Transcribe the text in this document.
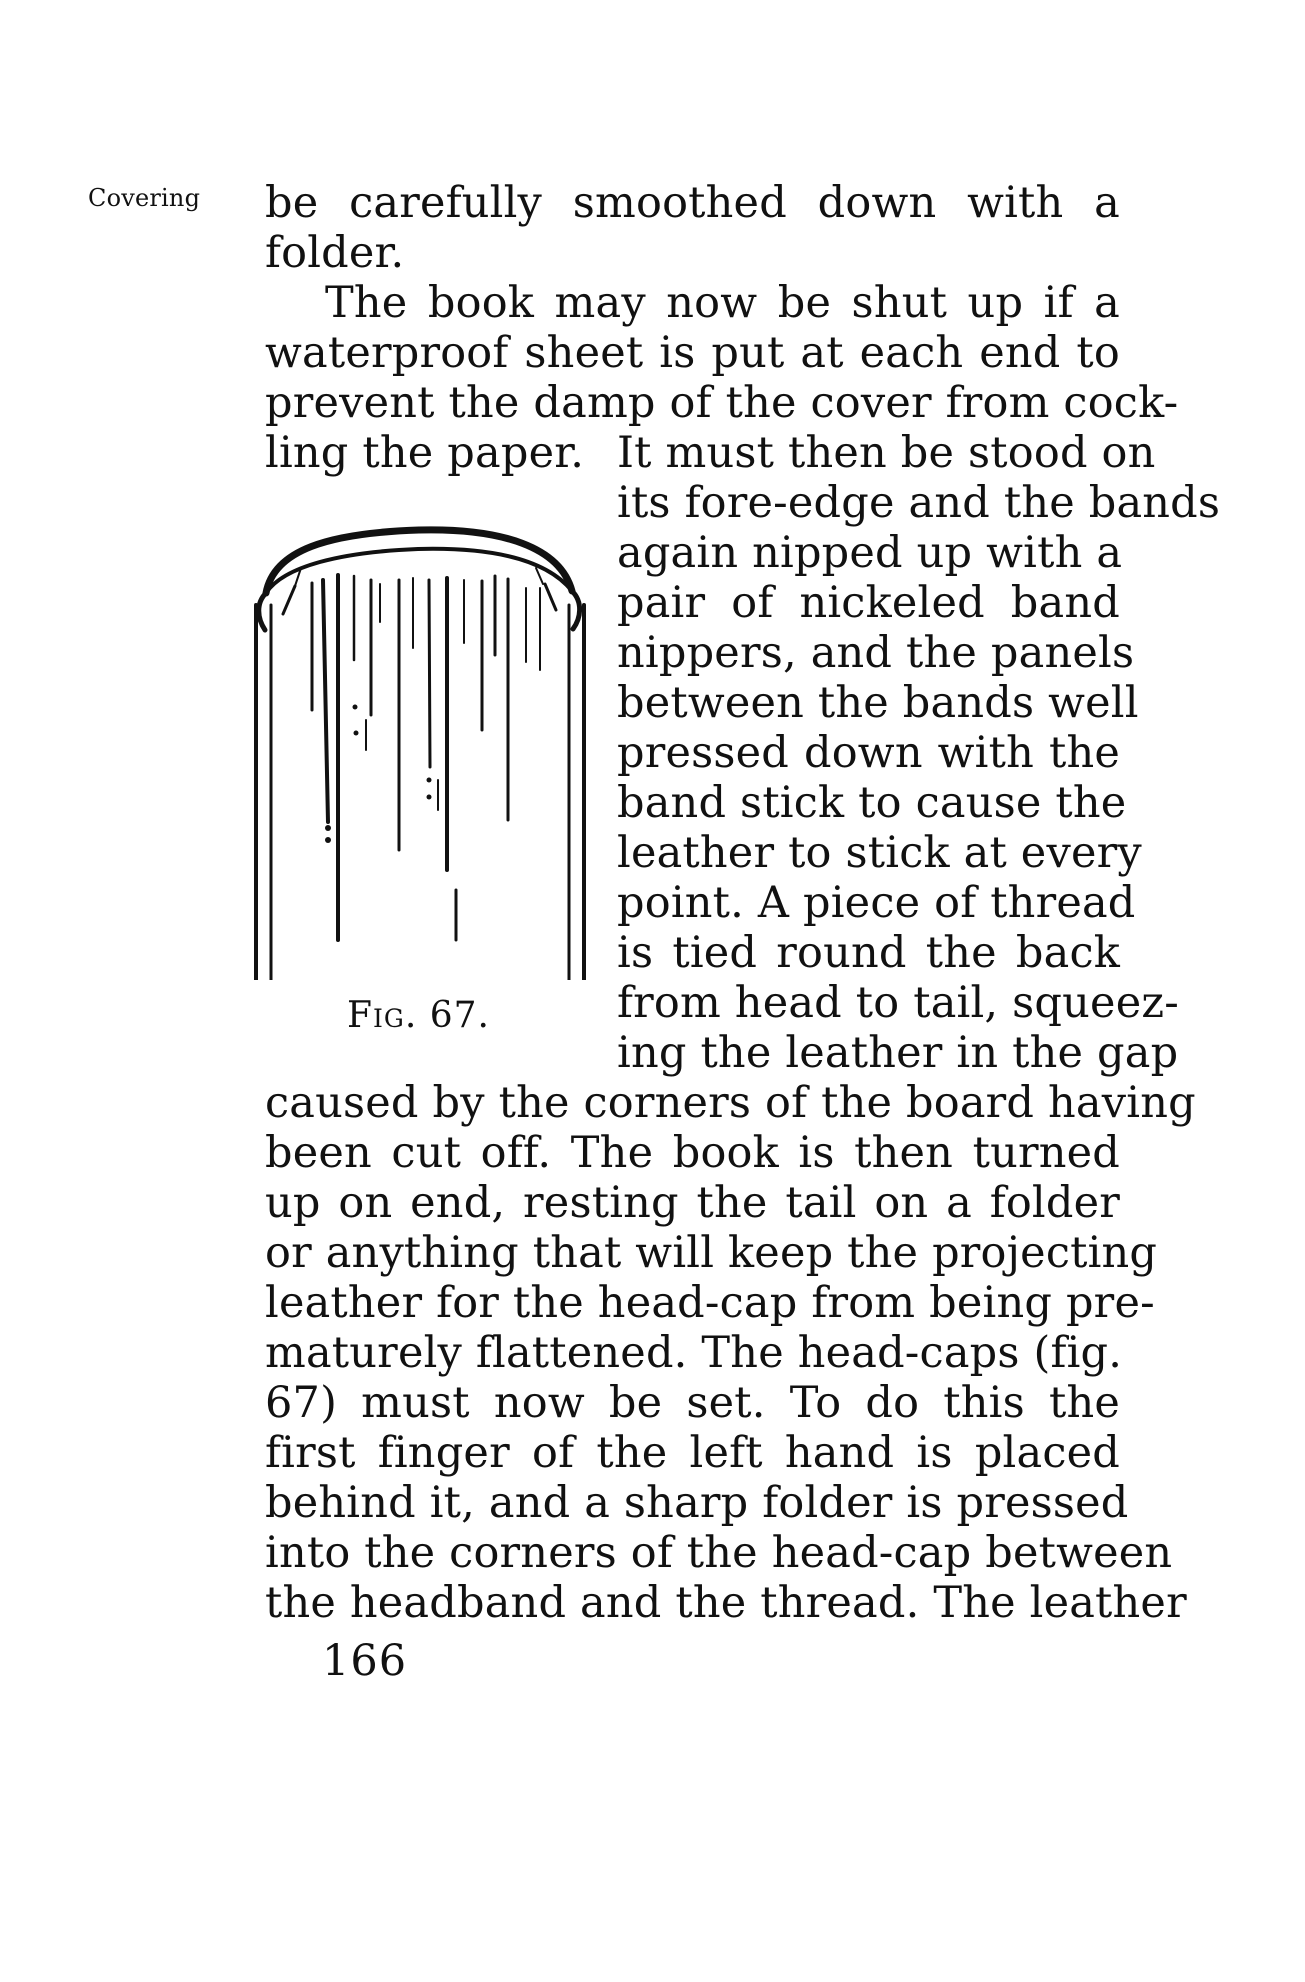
Covering be carefully smoothed down with a
folder.
The book may now be shut up if a
waterproof sheet is put at each end to
prevent the damp of the cover from cock-
ling the paper. It must then be stood on
its fore-edge and the bands
again nipped up with a
pair of nickeled band
nippers, and the panels
between the bands well
pressed down with the
band stick to cause the
leather to stick at every
point. A piece of thread
is tied round the back
from head to tail, squeez-
ing the leather in the gap
caused by the corners of the board having
been cut off. The book is then turned
up on end, resting the tail on a folder
or anything that will keep the projecting
leather for the head-cap from being pre-
maturely flattened. The head-caps (fig.
67) must now be set. To do this the
first finger of the left hand is placed
behind it, and a sharp folder is pressed
into the corners of the head-cap between
the headband and the thread. The leather
Fig. 67.
166
